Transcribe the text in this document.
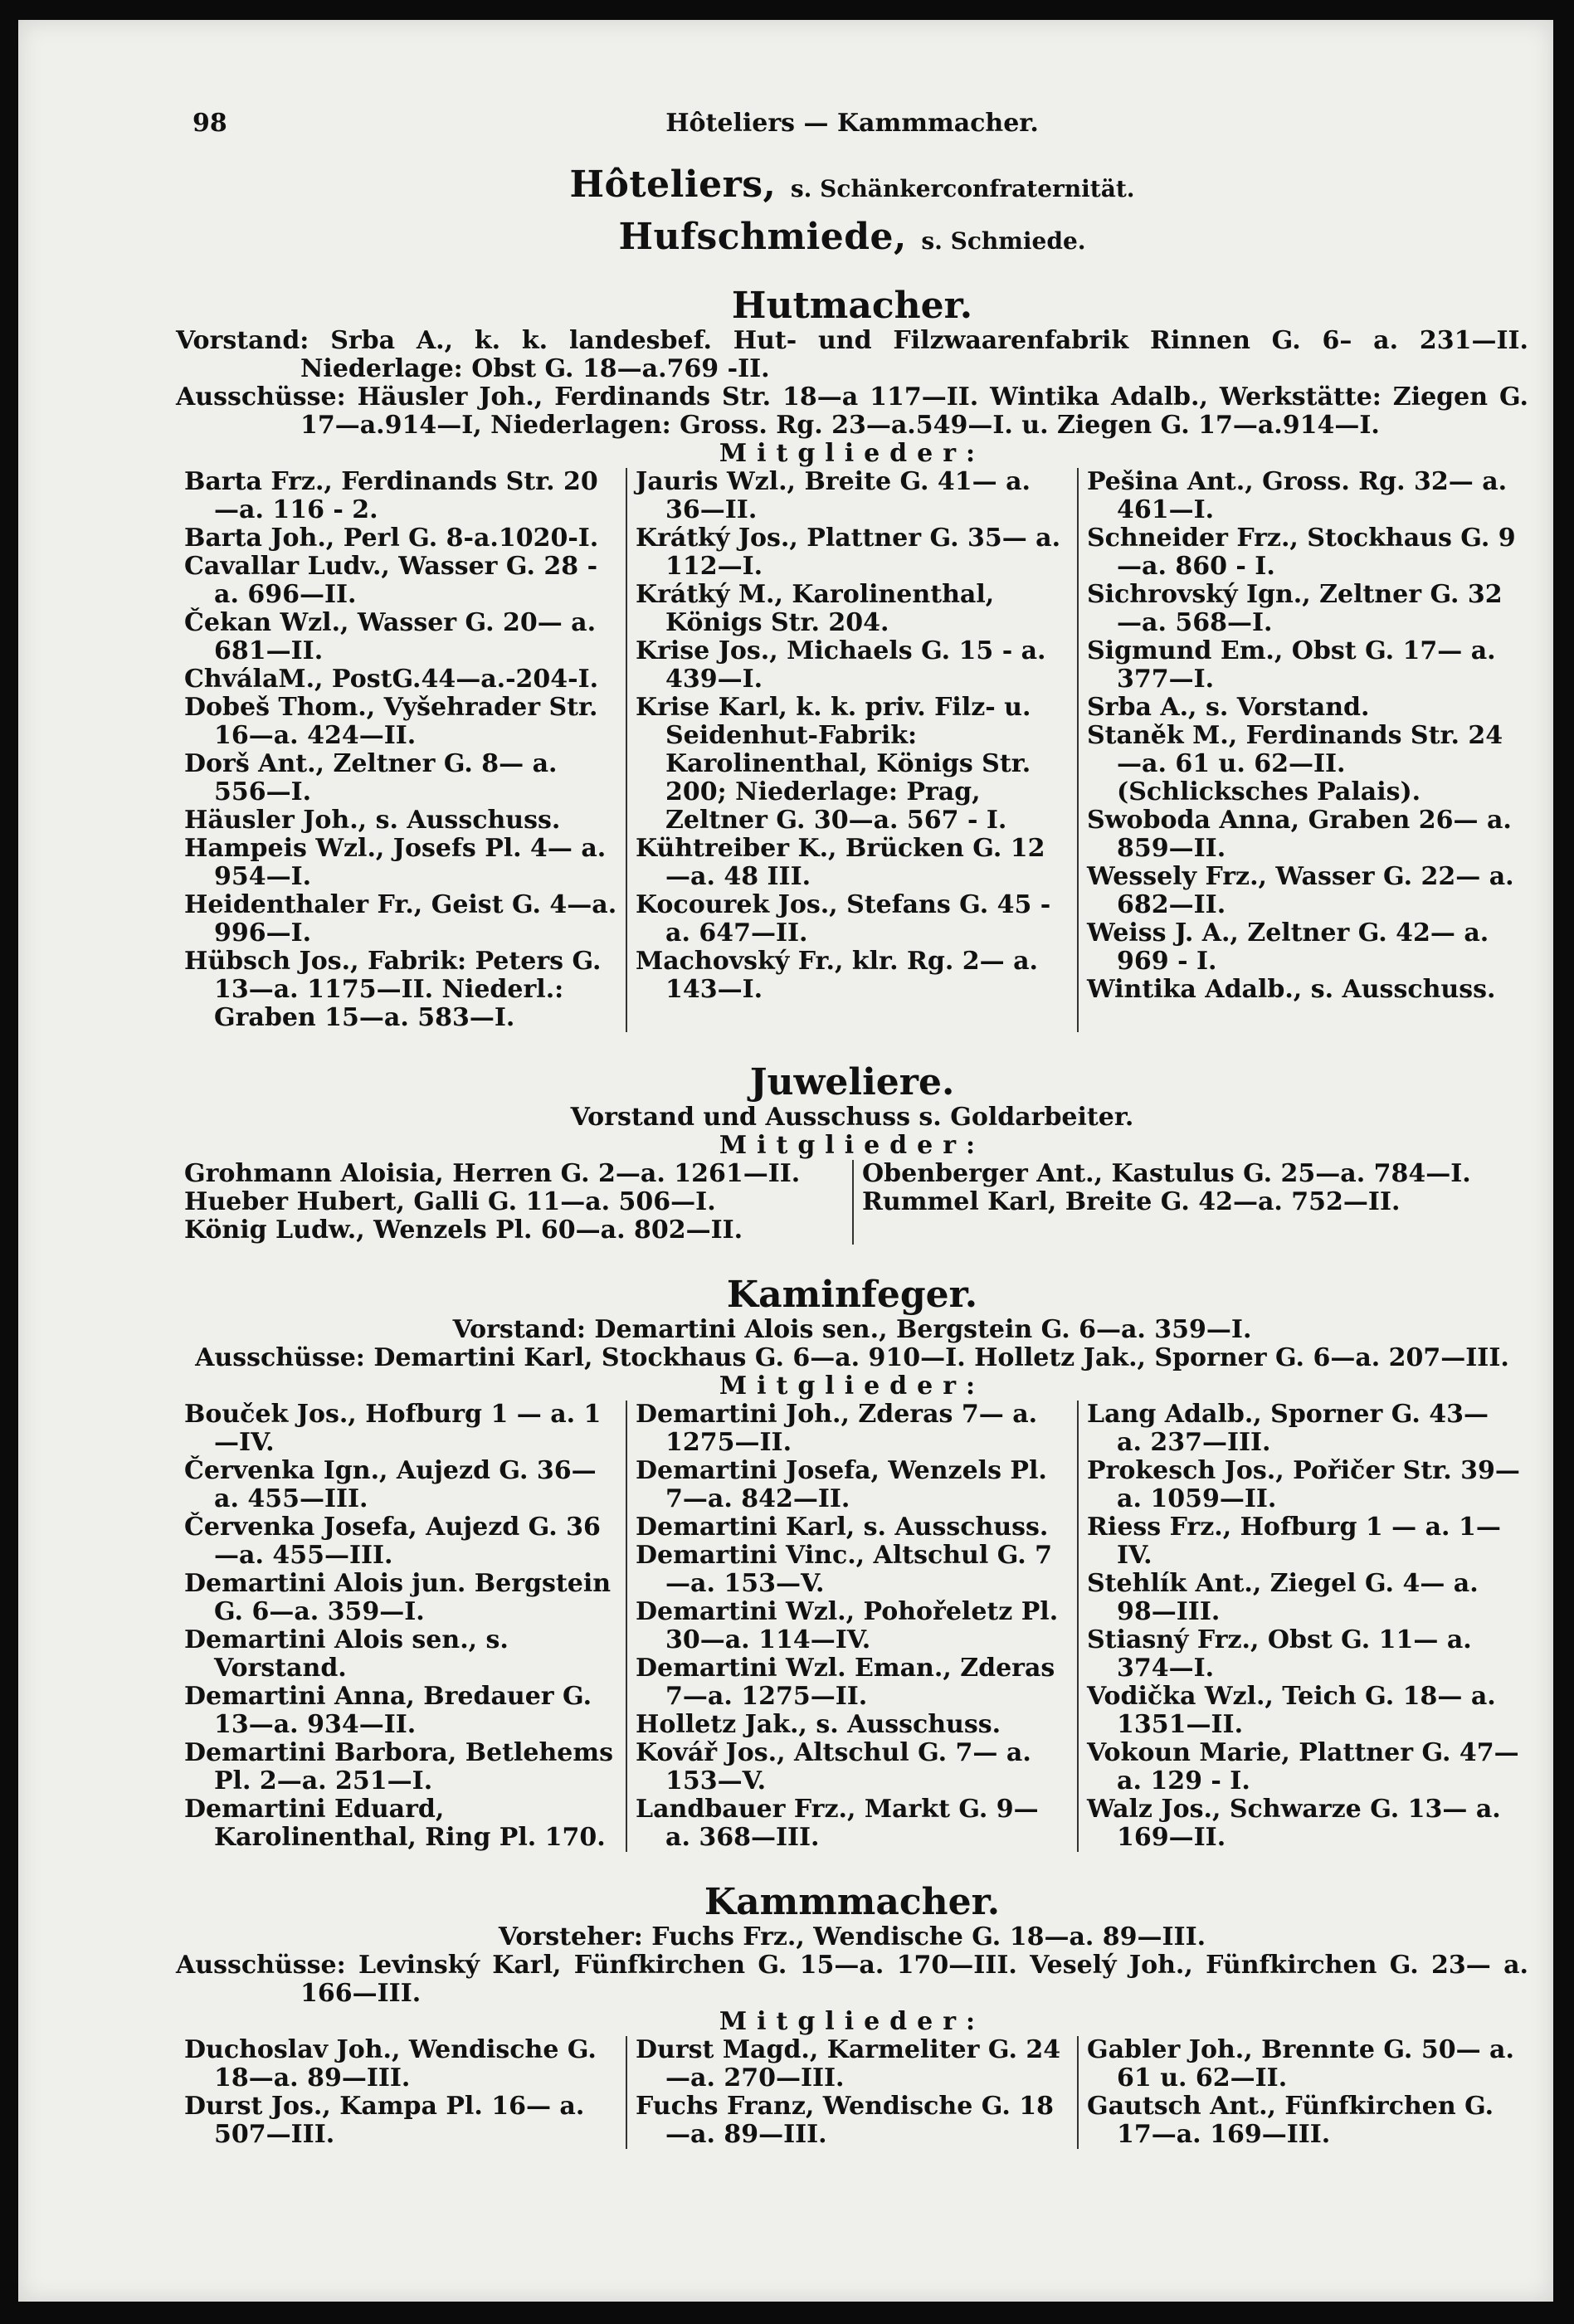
98	Hôteliers — Kammmacher.
Hôteliers, s. Schänkerconfraternität.
Hufschmiede, s. Schmiede.
Hutmacher.
Vorstand: Srba A., k. k. landesbef. Hut- und Filzwaarenfabrik Rinnen G. 6– a. 231—II. Niederlage: Obst G. 18—a.769 -II.
Ausschüsse: Häusler Joh., Ferdinands Str. 18—a 117—II. Wintika Adalb., Werkstätte: Ziegen G. 17—a.914—I, Niederlagen: Gross. Rg. 23—a.549—I. u. Ziegen G. 17—a.914—I.
Mitglieder:
Barta Frz., Ferdinands Str. 20—a. 116 - 2.
Barta Joh., Perl G. 8-a.1020-I.
Cavallar Ludv., Wasser G. 28 - a. 696—II.
Čekan Wzl., Wasser G. 20— a. 681—II.
ChválaM., PostG.44—a.-204-I.
Dobeš Thom., Vyšehrader Str. 16—a. 424—II.
Dorš Ant., Zeltner G. 8— a. 556—I.
Häusler Joh., s. Ausschuss.
Hampeis Wzl., Josefs Pl. 4— a. 954—I.
Heidenthaler Fr., Geist G. 4—a. 996—I.
Hübsch Jos., Fabrik: Peters G. 13—a. 1175—II. Niederl.: Graben 15—a. 583—I.
Jauris Wzl., Breite G. 41— a. 36—II.
Krátký Jos., Plattner G. 35— a. 112—I.
Krátký M., Karolinenthal, Königs Str. 204.
Krise Jos., Michaels G. 15 - a. 439—I.
Krise Karl, k. k. priv. Filz- u. Seidenhut-Fabrik: Karolinenthal, Königs Str. 200; Niederlage: Prag, Zeltner G. 30—a. 567 - I.
Kühtreiber K., Brücken G. 12—a. 48 III.
Kocourek Jos., Stefans G. 45 - a. 647—II.
Machovský Fr., klr. Rg. 2— a. 143—I.
Pešina Ant., Gross. Rg. 32— a. 461—I.
Schneider Frz., Stockhaus G. 9—a. 860 - I.
Sichrovský Ign., Zeltner G. 32—a. 568—I.
Sigmund Em., Obst G. 17— a. 377—I.
Srba A., s. Vorstand.
Staněk M., Ferdinands Str. 24—a. 61 u. 62—II. (Schlicksches Palais).
Swoboda Anna, Graben 26— a. 859—II.
Wessely Frz., Wasser G. 22— a. 682—II.
Weiss J. A., Zeltner G. 42— a. 969 - I.
Wintika Adalb., s. Ausschuss.
Juweliere.
Vorstand und Ausschuss s. Goldarbeiter.
Mitglieder:
Grohmann Aloisia, Herren G. 2—a. 1261—II.
Hueber Hubert, Galli G. 11—a. 506—I.
König Ludw., Wenzels Pl. 60—a. 802—II.
Obenberger Ant., Kastulus G. 25—a. 784—I.
Rummel Karl, Breite G. 42—a. 752—II.
Kaminfeger.
Vorstand: Demartini Alois sen., Bergstein G. 6—a. 359—I.
Ausschüsse: Demartini Karl, Stockhaus G. 6—a. 910—I. Holletz Jak., Sporner G. 6—a. 207—III.
Mitglieder:
Bouček Jos., Hofburg 1 — a. 1—IV.
Červenka Ign., Aujezd G. 36— a. 455—III.
Červenka Josefa, Aujezd G. 36—a. 455—III.
Demartini Alois jun. Bergstein G. 6—a. 359—I.
Demartini Alois sen., s. Vorstand.
Demartini Anna, Bredauer G. 13—a. 934—II.
Demartini Barbora, Betlehems Pl. 2—a. 251—I.
Demartini Eduard, Karolinenthal, Ring Pl. 170.
Demartini Joh., Zderas 7— a. 1275—II.
Demartini Josefa, Wenzels Pl. 7—a. 842—II.
Demartini Karl, s. Ausschuss.
Demartini Vinc., Altschul G. 7—a. 153—V.
Demartini Wzl., Pohořeletz Pl. 30—a. 114—IV.
Demartini Wzl. Eman., Zderas 7—a. 1275—II.
Holletz Jak., s. Ausschuss.
Kovář Jos., Altschul G. 7— a. 153—V.
Landbauer Frz., Markt G. 9— a. 368—III.
Lang Adalb., Sporner G. 43— a. 237—III.
Prokesch Jos., Pořičer Str. 39—a. 1059—II.
Riess Frz., Hofburg 1 — a. 1—IV.
Stehlík Ant., Ziegel G. 4— a. 98—III.
Stiasný Frz., Obst G. 11— a. 374—I.
Vodička Wzl., Teich G. 18— a. 1351—II.
Vokoun Marie, Plattner G. 47— a. 129 - I.
Walz Jos., Schwarze G. 13— a. 169—II.
Kammmacher.
Vorsteher: Fuchs Frz., Wendische G. 18—a. 89—III.
Ausschüsse: Levinský Karl, Fünfkirchen G. 15—a. 170—III. Veselý Joh., Fünfkirchen G. 23— a. 166—III.
Mitglieder:
Duchoslav Joh., Wendische G. 18—a. 89—III.
Durst Jos., Kampa Pl. 16— a. 507—III.
Durst Magd., Karmeliter G. 24—a. 270—III.
Fuchs Franz, Wendische G. 18—a. 89—III.
Gabler Joh., Brennte G. 50— a. 61 u. 62—II.
Gautsch Ant., Fünfkirchen G. 17—a. 169—III.
